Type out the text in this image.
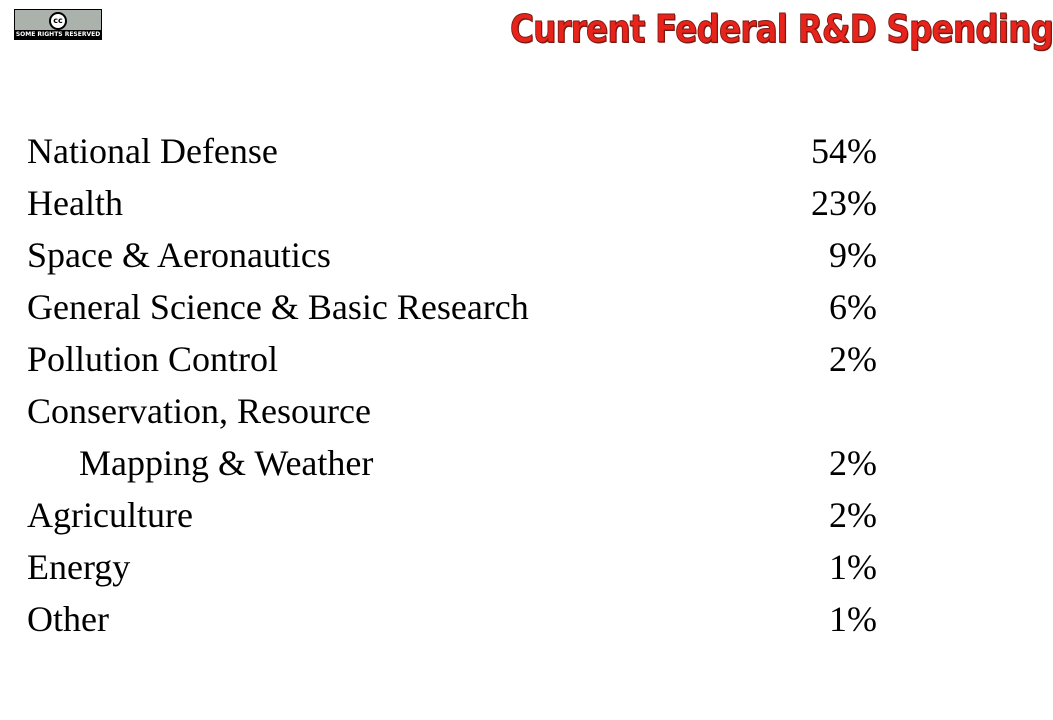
cc
SOME RIGHTS RESERVED	Current Federal R&D Spending
National Defense	54%
Health	23%
Space & Aeronautics	9%
General Science & Basic Research	6%
Pollution Control	2%
Conservation, Resource
Mapping & Weather	2%
Agriculture	2%
Energy	1%
Other	1%
